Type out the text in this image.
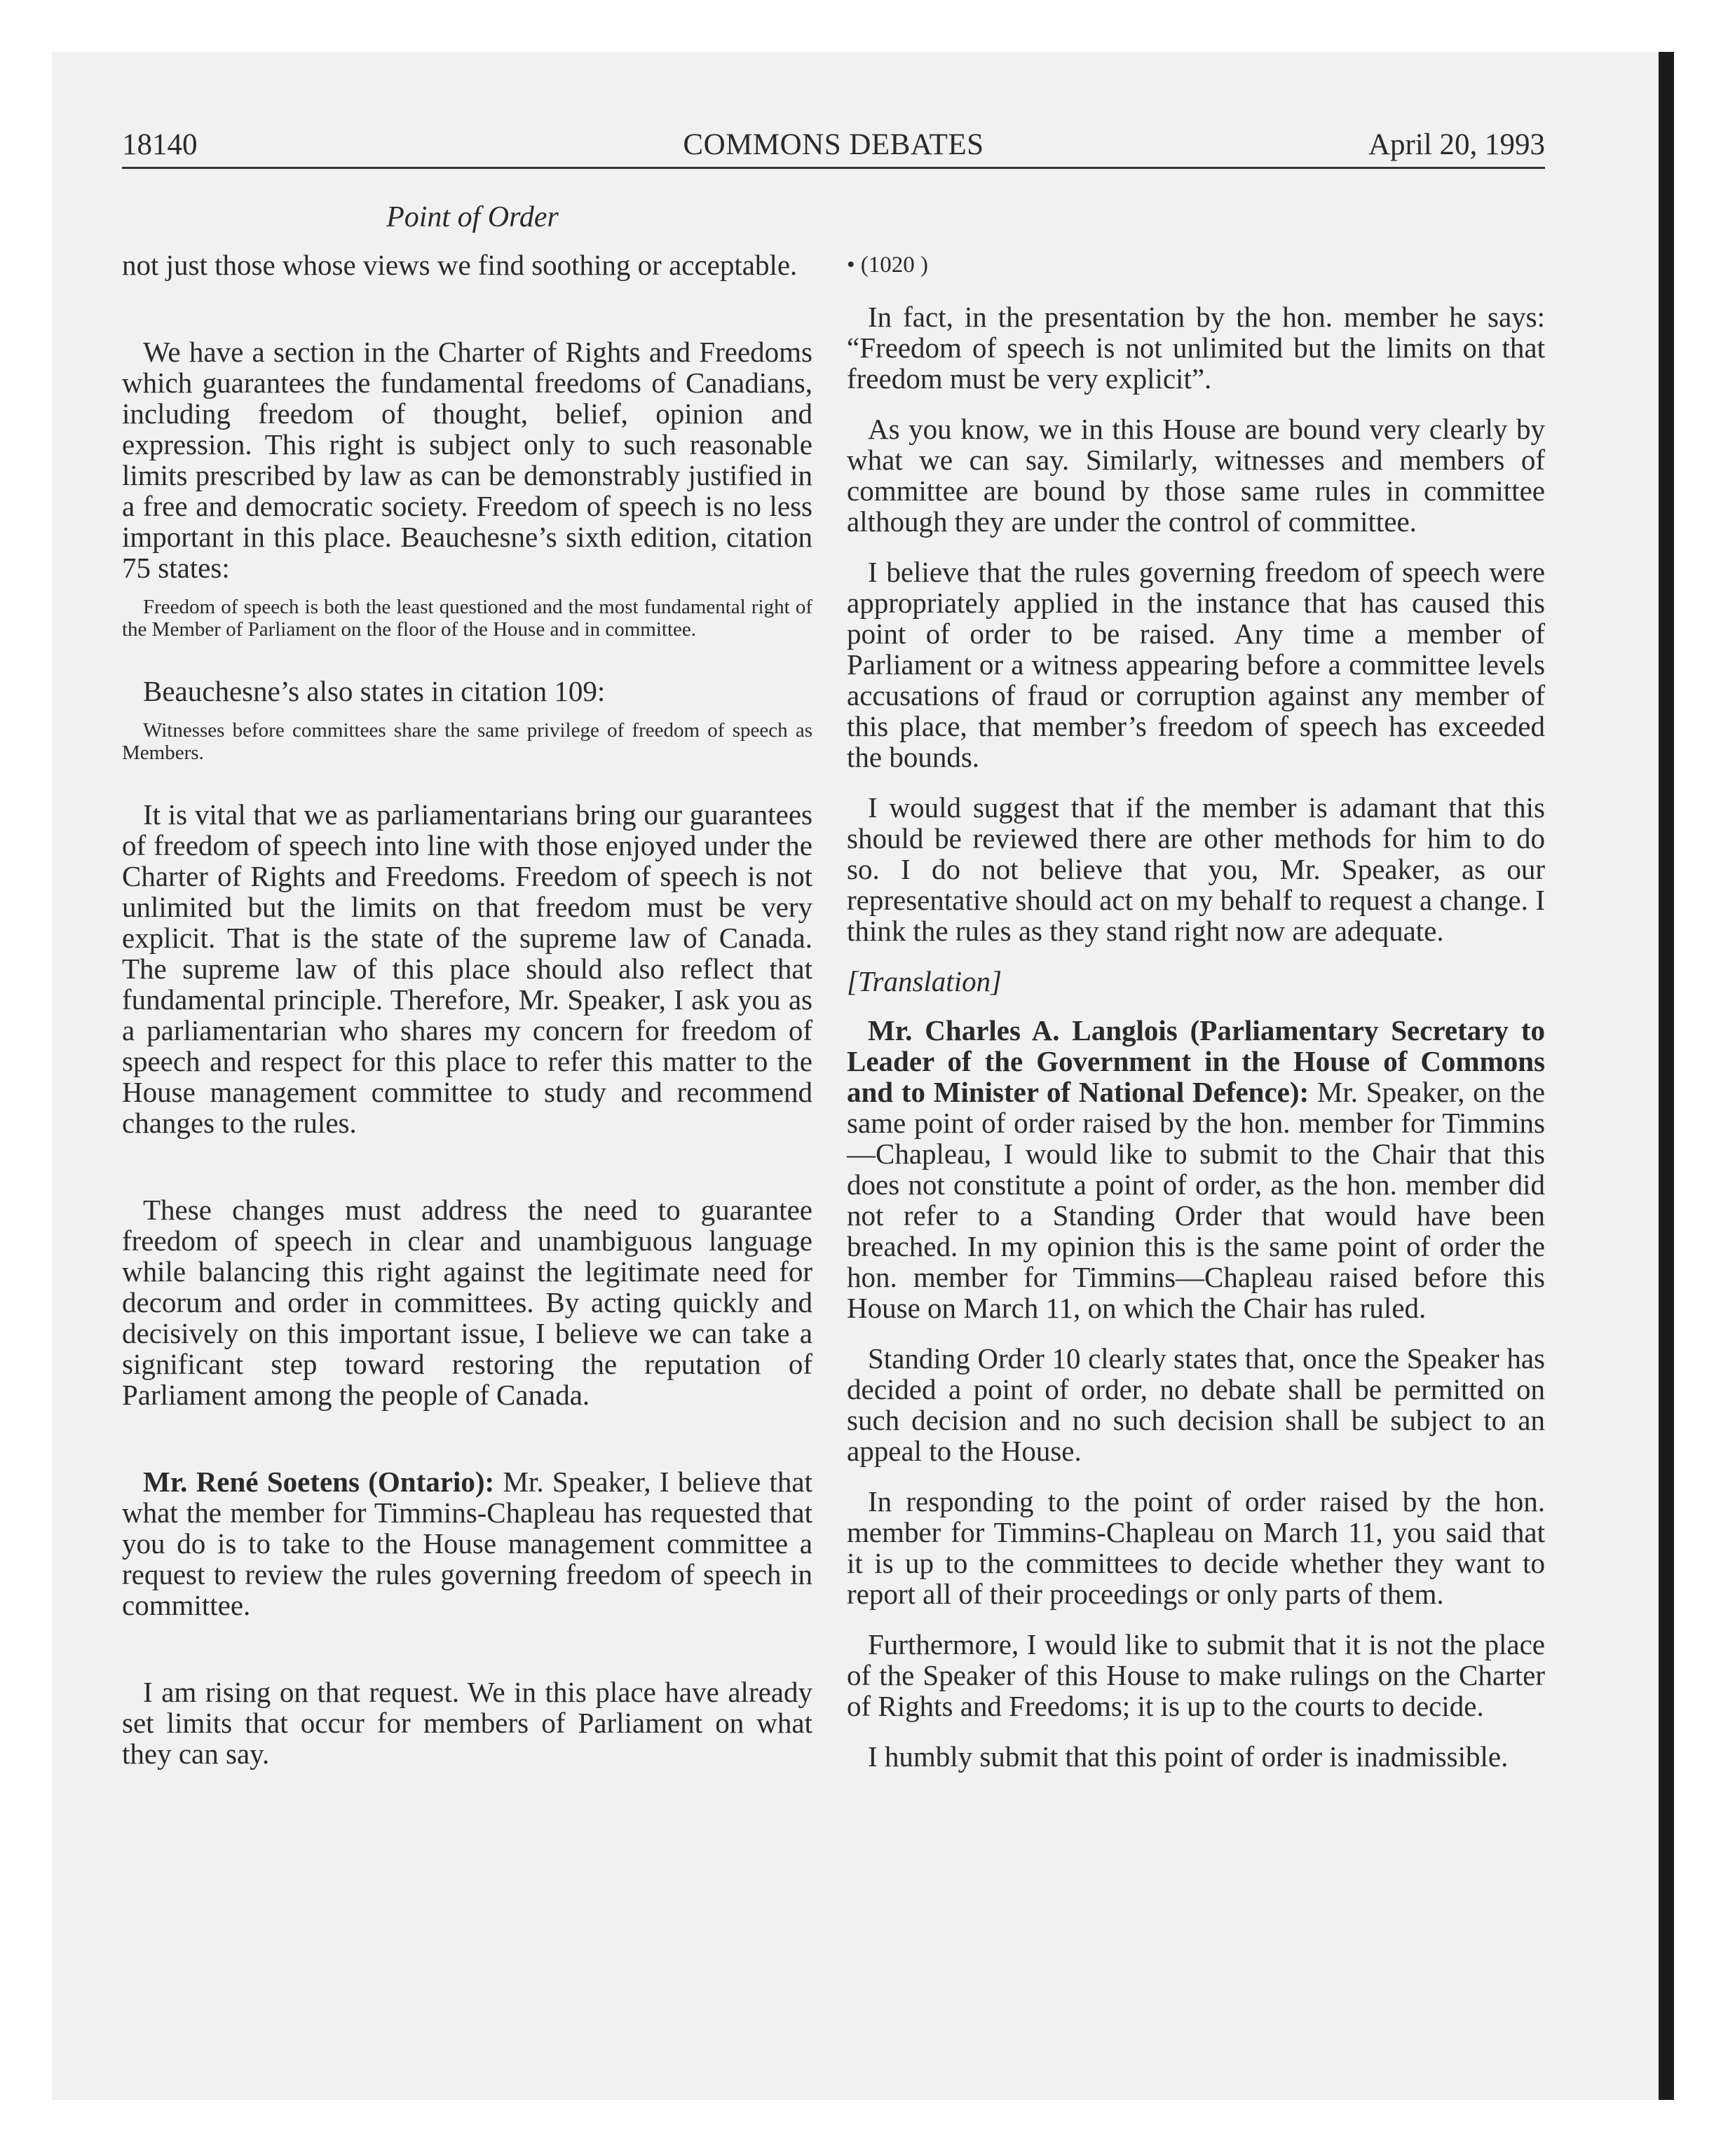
18140	COMMONS DEBATES	April 20, 1993
Point of Order

not just those whose views we find soothing or acceptable.

We have a section in the Charter of Rights and Freedoms which guarantees the fundamental freedoms of Canadians, including freedom of thought, belief, opinion and expression. This right is subject only to such reasonable limits prescribed by law as can be demonstrably justified in a free and democratic society. Freedom of speech is no less important in this place. Beauchesne’s sixth edition, citation 75 states:

Freedom of speech is both the least questioned and the most fundamental right of the Member of Parliament on the floor of the House and in committee.

Beauchesne’s also states in citation 109:

Witnesses before committees share the same privilege of freedom of speech as Members.

It is vital that we as parliamentarians bring our guarantees of freedom of speech into line with those enjoyed under the Charter of Rights and Freedoms. Freedom of speech is not unlimited but the limits on that freedom must be very explicit. That is the state of the supreme law of Canada. The supreme law of this place should also reflect that fundamental principle. Therefore, Mr. Speaker, I ask you as a parliamentarian who shares my concern for freedom of speech and respect for this place to refer this matter to the House management committee to study and recommend changes to the rules.

These changes must address the need to guarantee freedom of speech in clear and unambiguous language while balancing this right against the legitimate need for decorum and order in committees. By acting quickly and decisively on this important issue, I believe we can take a significant step toward restoring the reputation of Parliament among the people of Canada.

Mr. René Soetens (Ontario): Mr. Speaker, I believe that what the member for Timmins-Chapleau has requested that you do is to take to the House management committee a request to review the rules governing freedom of speech in committee.

I am rising on that request. We in this place have already set limits that occur for members of Parliament on what they can say.

• (1020 )

In fact, in the presentation by the hon. member he says: “Freedom of speech is not unlimited but the limits on that freedom must be very explicit”.

As you know, we in this House are bound very clearly by what we can say. Similarly, witnesses and members of committee are bound by those same rules in committee although they are under the control of committee.

I believe that the rules governing freedom of speech were appropriately applied in the instance that has caused this point of order to be raised. Any time a member of Parliament or a witness appearing before a committee levels accusations of fraud or corruption against any member of this place, that member’s freedom of speech has exceeded the bounds.

I would suggest that if the member is adamant that this should be reviewed there are other methods for him to do so. I do not believe that you, Mr. Speaker, as our representative should act on my behalf to request a change. I think the rules as they stand right now are adequate.

[Translation]

Mr. Charles A. Langlois (Parliamentary Secretary to Leader of the Government in the House of Commons and to Minister of National Defence): Mr. Speaker, on the same point of order raised by the hon. member for Timmins—Chapleau, I would like to submit to the Chair that this does not constitute a point of order, as the hon. member did not refer to a Standing Order that would have been breached. In my opinion this is the same point of order the hon. member for Timmins—Chapleau raised before this House on March 11, on which the Chair has ruled.

Standing Order 10 clearly states that, once the Speaker has decided a point of order, no debate shall be permitted on such decision and no such decision shall be subject to an appeal to the House.

In responding to the point of order raised by the hon. member for Timmins-Chapleau on March 11, you said that it is up to the committees to decide whether they want to report all of their proceedings or only parts of them.

Furthermore, I would like to submit that it is not the place of the Speaker of this House to make rulings on the Charter of Rights and Freedoms; it is up to the courts to decide.

I humbly submit that this point of order is inadmissible.
